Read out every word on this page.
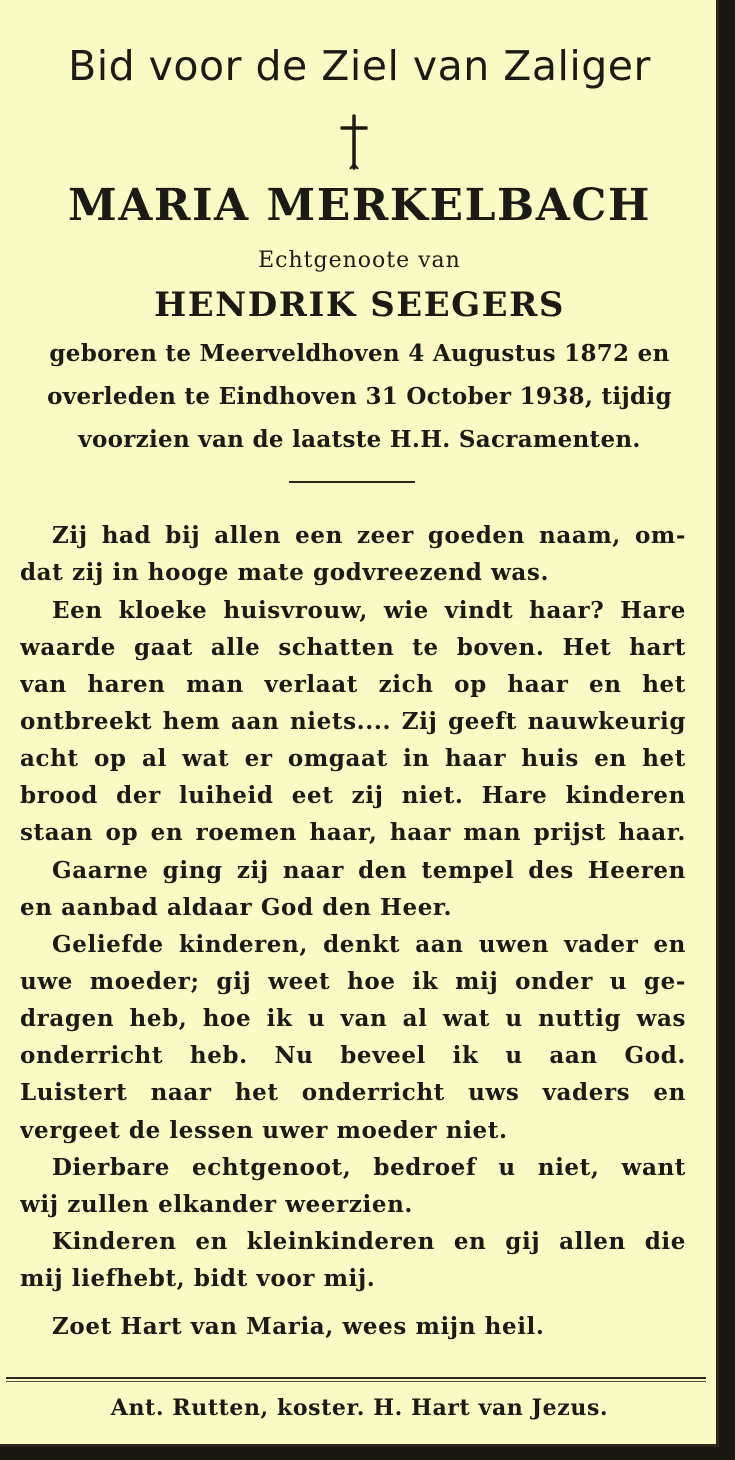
Bid voor de Ziel van Zaliger
MARIA MERKELBACH
Echtgenoote van
HENDRIK SEEGERS
geboren te Meerveldhoven 4 Augustus 1872 en
overleden te Eindhoven 31 October 1938, tijdig
voorzien van de laatste H.H. Sacramenten.
Zij had bij allen een zeer goeden naam, om-
dat zij in hooge mate godvreezend was.
Een kloeke huisvrouw, wie vindt haar? Hare
waarde gaat alle schatten te boven. Het hart
van haren man verlaat zich op haar en het
ontbreekt hem aan niets.... Zij geeft nauwkeurig
acht op al wat er omgaat in haar huis en het
brood der luiheid eet zij niet. Hare kinderen
staan op en roemen haar, haar man prijst haar.
Gaarne ging zij naar den tempel des Heeren
en aanbad aldaar God den Heer.
Geliefde kinderen, denkt aan uwen vader en
uwe moeder; gij weet hoe ik mij onder u ge-
dragen heb, hoe ik u van al wat u nuttig was
onderricht heb. Nu beveel ik u aan God.
Luistert naar het onderricht uws vaders en
vergeet de lessen uwer moeder niet.
Dierbare echtgenoot, bedroef u niet, want
wij zullen elkander weerzien.
Kinderen en kleinkinderen en gij allen die
mij liefhebt, bidt voor mij.
Zoet Hart van Maria, wees mijn heil.
Ant. Rutten, koster. H. Hart van Jezus.
